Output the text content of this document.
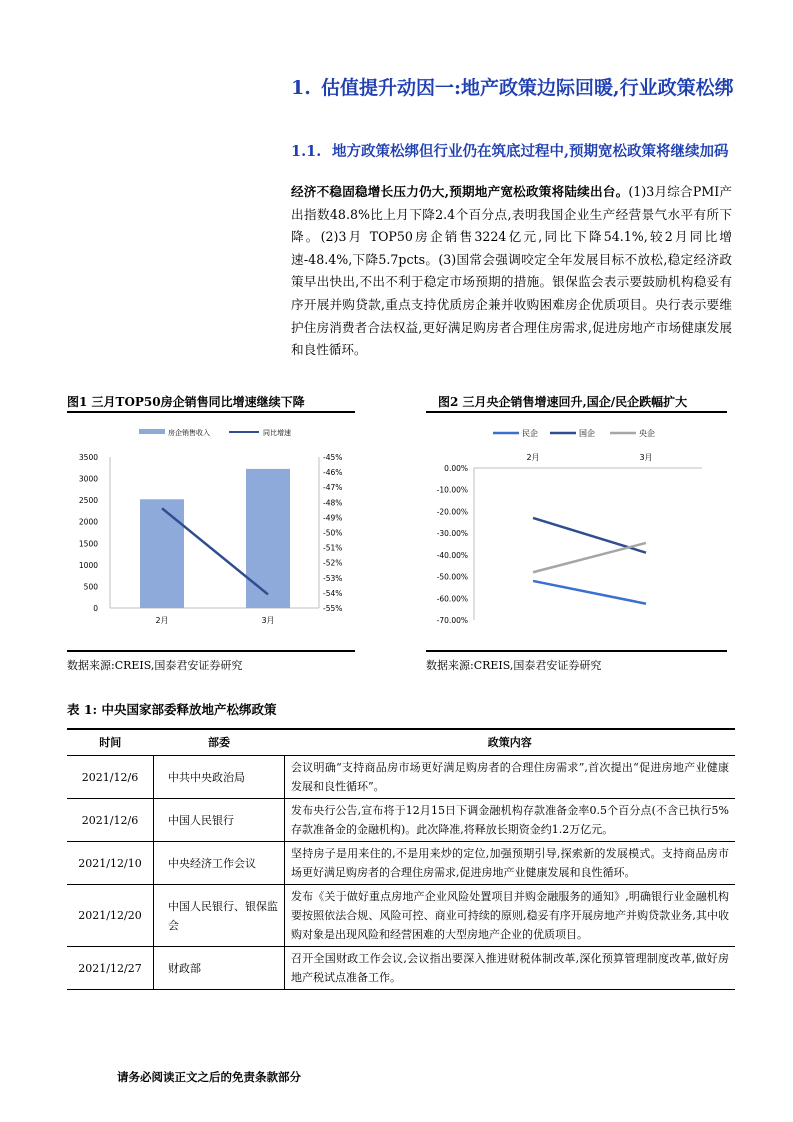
1. 估值提升动因一:地产政策边际回暖,行业政策松绑
1.1. 地方政策松绑但行业仍在筑底过程中,预期宽松政策将继续加码
经济不稳固稳增长压力仍大,预期地产宽松政策将陆续出台。(1)3月综合PMI产出指数48.8%比上月下降2.4个百分点,表明我国企业生产经营景气水平有所下降。(2)3月 TOP50房企销售3224亿元,同比下降54.1%,较2月同比增速-48.4%,下降5.7pcts。(3)国常会强调咬定全年发展目标不放松,稳定经济政策早出快出,不出不利于稳定市场预期的措施。银保监会表示要鼓励机构稳妥有序开展并购贷款,重点支持优质房企兼并收购困难房企优质项目。央行表示要维护住房消费者合法权益,更好满足购房者合理住房需求,促进房地产市场健康发展和良性循环。
图1 三月TOP50房企销售同比增速继续下降
房企销售收入	同比增速
0
500
1000
1500
2000
2500
3000
3500	-45%
-46%
-47%
-48%
-49%
-50%
-51%
-52%
-53%
-54%
-55%
2月	3月
数据来源:CREIS,国泰君安证券研究
图2 三月央企销售增速回升,国企/民企跌幅扩大
民企	国企	央企
2月	3月
0.00%
-10.00%
-20.00%
-30.00%
-40.00%
-50.00%
-60.00%
-70.00%
数据来源:CREIS,国泰君安证券研究
表 1: 中央国家部委释放地产松绑政策
时间	部委	政策内容
2021/12/6	中共中央政治局	会议明确“支持商品房市场更好满足购房者的合理住房需求”,首次提出“促进房地产业健康发展和良性循环”。
2021/12/6	中国人民银行	发布央行公告,宣布将于12月15日下调金融机构存款准备金率0.5个百分点(不含已执行5%存款准备金的金融机构)。此次降准,将释放长期资金约1.2万亿元。
2021/12/10	中央经济工作会议	坚持房子是用来住的,不是用来炒的定位,加强预期引导,探索新的发展模式。支持商品房市场更好满足购房者的合理住房需求,促进房地产业健康发展和良性循环。
2021/12/20	中国人民银行、银保监会	发布《关于做好重点房地产企业风险处置项目并购金融服务的通知》,明确银行业金融机构要按照依法合规、风险可控、商业可持续的原则,稳妥有序开展房地产并购贷款业务,其中收购对象是出现风险和经营困难的大型房地产企业的优质项目。
2021/12/27	财政部	召开全国财政工作会议,会议指出要深入推进财税体制改革,深化预算管理制度改革,做好房地产税试点准备工作。
请务必阅读正文之后的免责条款部分
